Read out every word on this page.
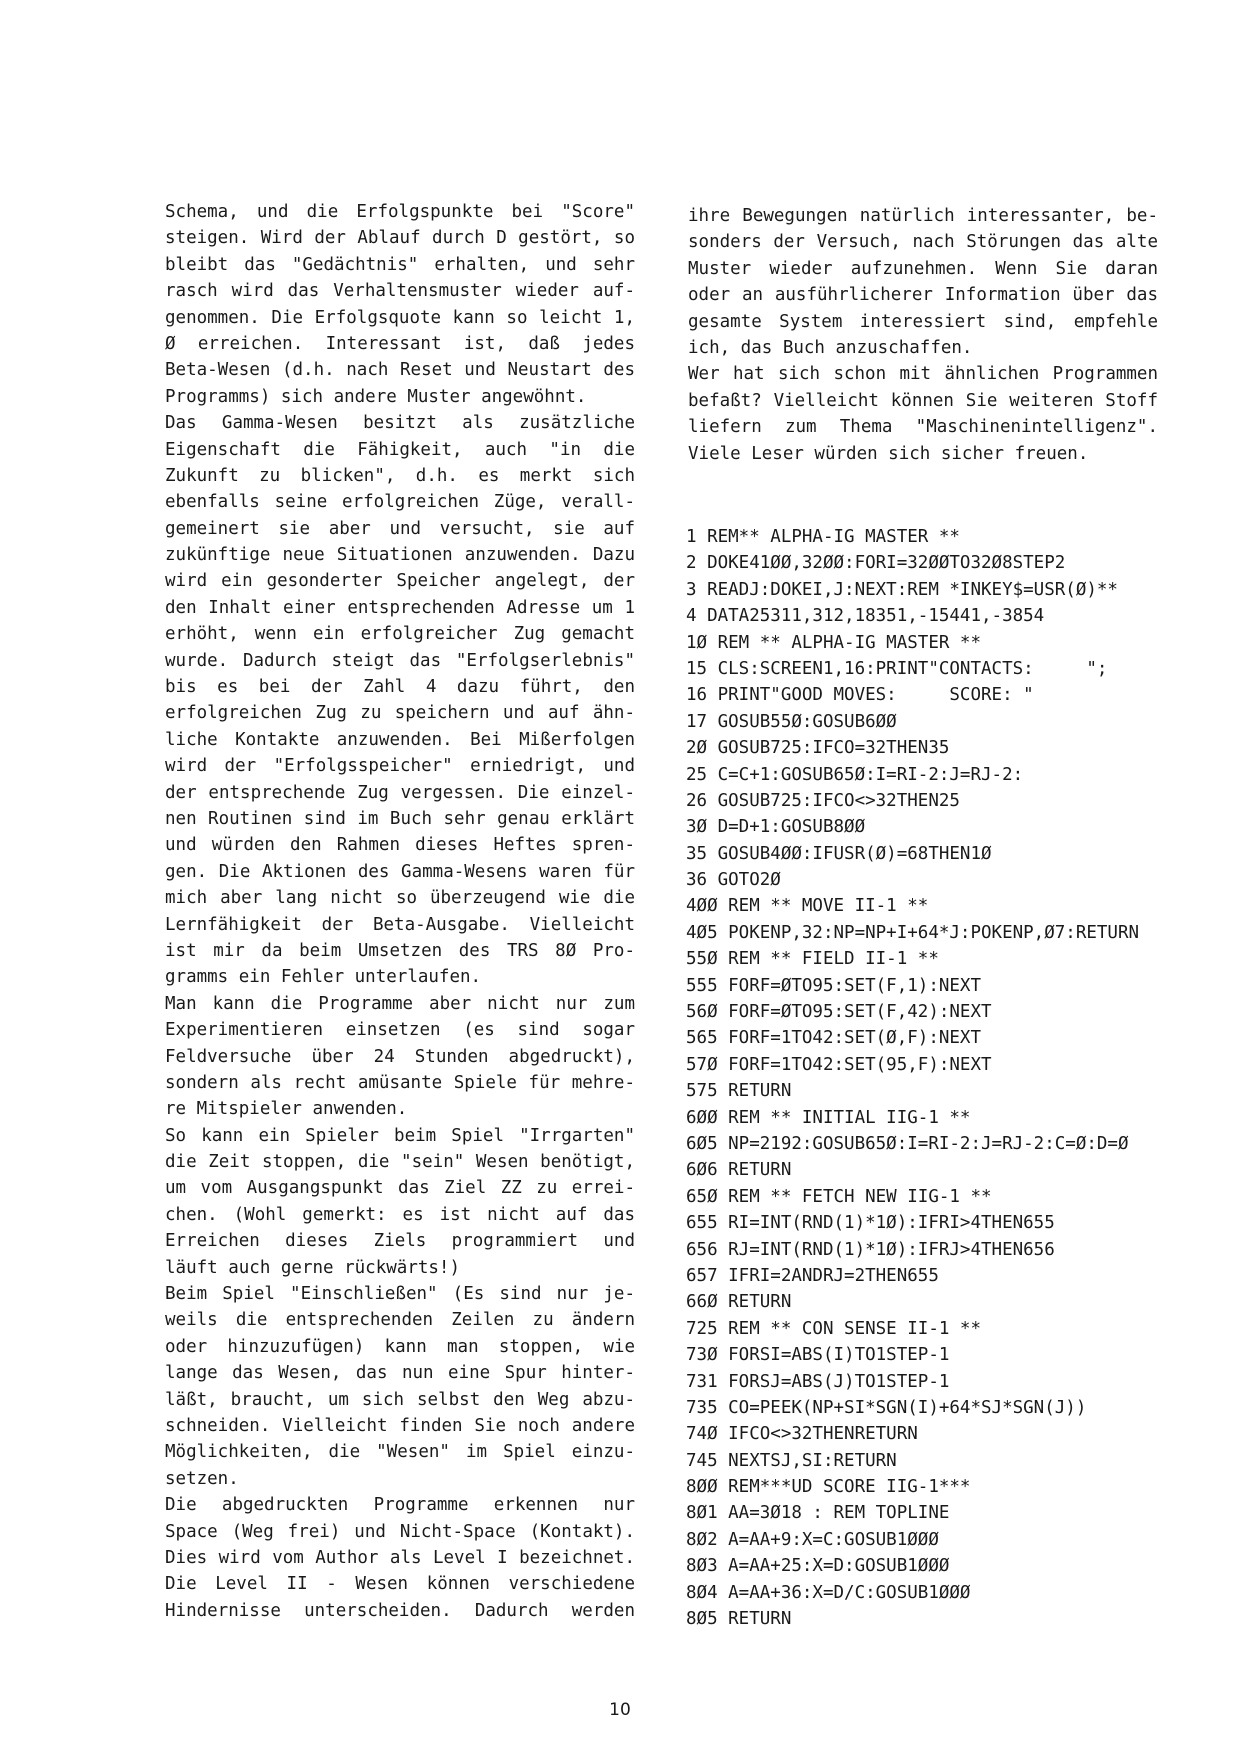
Schema, und die Erfolgspunkte bei "Score"
steigen. Wird der Ablauf durch D gestört, so
bleibt das "Gedächtnis" erhalten, und sehr
rasch wird das Verhaltensmuster wieder auf-
genommen. Die Erfolgsquote kann so leicht 1,
Ø erreichen. Interessant ist, daß jedes
Beta-Wesen (d.h. nach Reset und Neustart des
Programms) sich andere Muster angewöhnt.
Das Gamma-Wesen besitzt als zusätzliche
Eigenschaft die Fähigkeit, auch "in die
Zukunft zu blicken", d.h. es merkt sich
ebenfalls seine erfolgreichen Züge, verall-
gemeinert sie aber und versucht, sie auf
zukünftige neue Situationen anzuwenden. Dazu
wird ein gesonderter Speicher angelegt, der
den Inhalt einer entsprechenden Adresse um 1
erhöht, wenn ein erfolgreicher Zug gemacht
wurde. Dadurch steigt das "Erfolgserlebnis"
bis es bei der Zahl 4 dazu führt, den
erfolgreichen Zug zu speichern und auf ähn-
liche Kontakte anzuwenden. Bei Mißerfolgen
wird der "Erfolgsspeicher" erniedrigt, und
der entsprechende Zug vergessen. Die einzel-
nen Routinen sind im Buch sehr genau erklärt
und würden den Rahmen dieses Heftes spren-
gen. Die Aktionen des Gamma-Wesens waren für
mich aber lang nicht so überzeugend wie die
Lernfähigkeit der Beta-Ausgabe. Vielleicht
ist mir da beim Umsetzen des TRS 8Ø Pro-
gramms ein Fehler unterlaufen.
Man kann die Programme aber nicht nur zum
Experimentieren einsetzen (es sind sogar
Feldversuche über 24 Stunden abgedruckt),
sondern als recht amüsante Spiele für mehre-
re Mitspieler anwenden.
So kann ein Spieler beim Spiel "Irrgarten"
die Zeit stoppen, die "sein" Wesen benötigt,
um vom Ausgangspunkt das Ziel ZZ zu errei-
chen. (Wohl gemerkt: es ist nicht auf das
Erreichen dieses Ziels programmiert und
läuft auch gerne rückwärts!)
Beim Spiel "Einschließen" (Es sind nur je-
weils die entsprechenden Zeilen zu ändern
oder hinzuzufügen) kann man stoppen, wie
lange das Wesen, das nun eine Spur hinter-
läßt, braucht, um sich selbst den Weg abzu-
schneiden. Vielleicht finden Sie noch andere
Möglichkeiten, die "Wesen" im Spiel einzu-
setzen.
Die abgedruckten Programme erkennen nur
Space (Weg frei) und Nicht-Space (Kontakt).
Dies wird vom Author als Level I bezeichnet.
Die Level II - Wesen können verschiedene
Hindernisse unterscheiden. Dadurch werden
ihre Bewegungen natürlich interessanter, be-
sonders der Versuch, nach Störungen das alte
Muster wieder aufzunehmen. Wenn Sie daran
oder an ausführlicherer Information über das
gesamte System interessiert sind, empfehle
ich, das Buch anzuschaffen.
Wer hat sich schon mit ähnlichen Programmen
befaßt? Vielleicht können Sie weiteren Stoff
liefern zum Thema "Maschinenintelligenz".
Viele Leser würden sich sicher freuen.
1 REM** ALPHA-IG MASTER **
2 DOKE41ØØ,32ØØ:FORI=32ØØTO32Ø8STEP2
3 READJ:DOKEI,J:NEXT:REM *INKEY$=USR(Ø)**
4 DATA25311,312,18351,-15441,-3854
1Ø REM ** ALPHA-IG MASTER **
15 CLS:SCREEN1,16:PRINT"CONTACTS:     ";
16 PRINT"GOOD MOVES:     SCORE: "
17 GOSUB55Ø:GOSUB6ØØ
2Ø GOSUB725:IFCO=32THEN35
25 C=C+1:GOSUB65Ø:I=RI-2:J=RJ-2:
26 GOSUB725:IFCO<>32THEN25
3Ø D=D+1:GOSUB8ØØ
35 GOSUB4ØØ:IFUSR(Ø)=68THEN1Ø
36 GOTO2Ø
4ØØ REM ** MOVE II-1 **
4Ø5 POKENP,32:NP=NP+I+64*J:POKENP,Ø7:RETURN
55Ø REM ** FIELD II-1 **
555 FORF=ØTO95:SET(F,1):NEXT
56Ø FORF=ØTO95:SET(F,42):NEXT
565 FORF=1TO42:SET(Ø,F):NEXT
57Ø FORF=1TO42:SET(95,F):NEXT
575 RETURN
6ØØ REM ** INITIAL IIG-1 **
6Ø5 NP=2192:GOSUB65Ø:I=RI-2:J=RJ-2:C=Ø:D=Ø
6Ø6 RETURN
65Ø REM ** FETCH NEW IIG-1 **
655 RI=INT(RND(1)*1Ø):IFRI>4THEN655
656 RJ=INT(RND(1)*1Ø):IFRJ>4THEN656
657 IFRI=2ANDRJ=2THEN655
66Ø RETURN
725 REM ** CON SENSE II-1 **
73Ø FORSI=ABS(I)TO1STEP-1
731 FORSJ=ABS(J)TO1STEP-1
735 CO=PEEK(NP+SI*SGN(I)+64*SJ*SGN(J))
74Ø IFCO<>32THENRETURN
745 NEXTSJ,SI:RETURN
8ØØ REM***UD SCORE IIG-1***
8Ø1 AA=3Ø18 : REM TOPLINE
8Ø2 A=AA+9:X=C:GOSUB1ØØØ
8Ø3 A=AA+25:X=D:GOSUB1ØØØ
8Ø4 A=AA+36:X=D/C:GOSUB1ØØØ
8Ø5 RETURN
10
